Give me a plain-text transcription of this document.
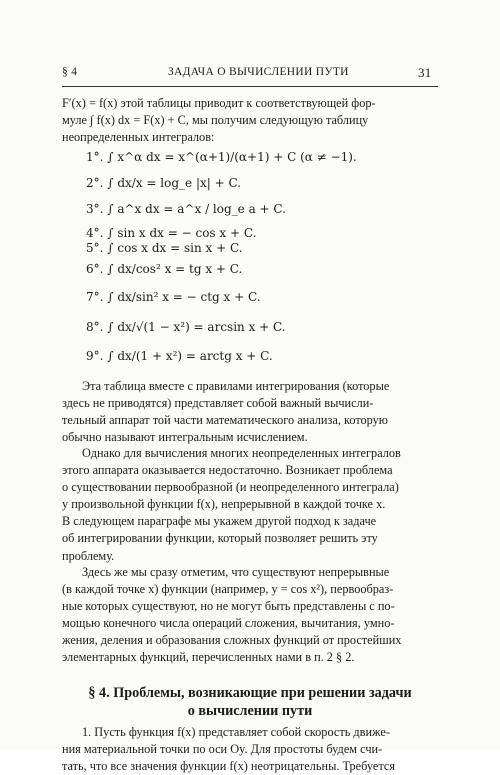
§ 4	ЗАДАЧА О ВЫЧИСЛЕНИИ ПУТИ	31
F′(x) = f(x) этой таблицы приводит к соответствующей фор-
муле ∫ f(x) dx = F(x) + C, мы получим следующую таблицу
неопределенных интегралов:
1°. ∫ x^α dx = x^(α+1)/(α+1) + C (α ≠ −1).
2°. ∫ dx/x = log_e |x| + C.
3°. ∫ a^x dx = a^x / log_e a + C.
4°. ∫ sin x dx = − cos x + C.
5°. ∫ cos x dx = sin x + C.
6°. ∫ dx/cos² x = tg x + C.
7°. ∫ dx/sin² x = − ctg x + C.
8°. ∫ dx/√(1 − x²) = arcsin x + C.
9°. ∫ dx/(1 + x²) = arctg x + C.
Эта таблица вместе с правилами интегрирования (которые
здесь не приводятся) представляет собой важный вычисли-
тельный аппарат той части математического анализа, которую
обычно называют интегральным исчислением.
Однако для вычисления многих неопределенных интегралов
этого аппарата оказывается недостаточно. Возникает проблема
о существовании первообразной (и неопределенного интеграла)
у произвольной функции f(x), непрерывной в каждой точке x.
В следующем параграфе мы укажем другой подход к задаче
об интегрировании функции, который позволяет решить эту
проблему.
Здесь же мы сразу отметим, что существуют непрерывные
(в каждой точке x) функции (например, y = cos x²), первообраз-
ные которых существуют, но не могут быть представлены с по-
мощью конечного числа операций сложения, вычитания, умно-
жения, деления и образования сложных функций от простейших
элементарных функций, перечисленных нами в п. 2 § 2.
§ 4. Проблемы, возникающие при решении задачи
о вычислении пути
1. Пусть функция f(x) представляет собой скорость движе-
ния материальной точки по оси Oy. Для простоты будем счи-
тать, что все значения функции f(x) неотрицательны. Требуется
